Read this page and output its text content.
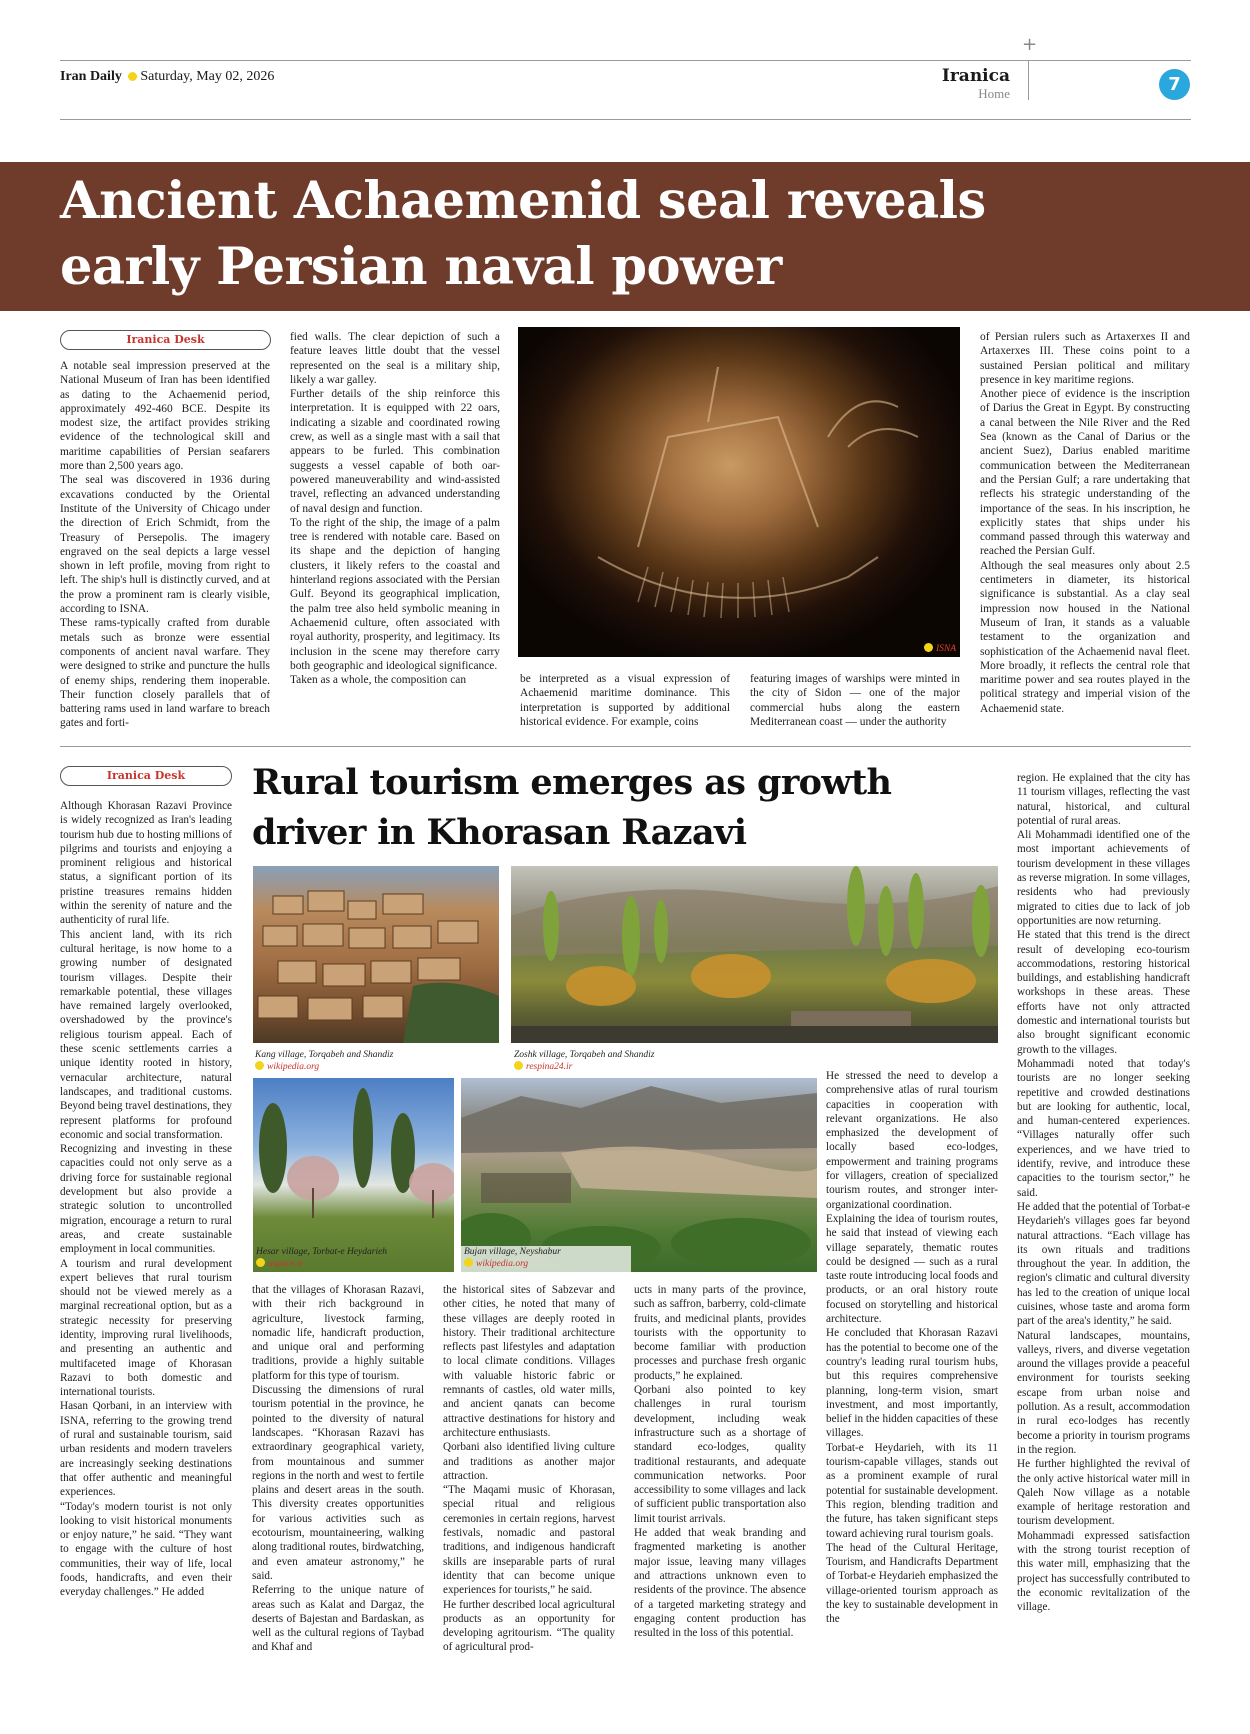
+
Iran Daily Saturday, May 02, 2026	Iranica
Home	7
Ancient Achaemenid seal reveals early Persian naval power
Iranica Desk

A notable seal impression preserved at the National Museum of Iran has been identified as dating to the Achaemenid period, approximately 492-460 BCE. Despite its modest size, the artifact provides striking evidence of the technological skill and maritime capabilities of Persian seafarers more than 2,500 years ago.

The seal was discovered in 1936 during excavations conducted by the Oriental Institute of the University of Chicago under the direction of Erich Schmidt, from the Treasury of Persepolis. The imagery engraved on the seal depicts a large vessel shown in left profile, moving from right to left. The ship's hull is distinctly curved, and at the prow a prominent ram is clearly visible, according to ISNA.

These rams-typically crafted from durable metals such as bronze were essential components of ancient naval warfare. They were designed to strike and puncture the hulls of enemy ships, rendering them inoperable. Their function closely parallels that of battering rams used in land warfare to breach gates and forti-

fied walls. The clear depiction of such a feature leaves little doubt that the vessel represented on the seal is a military ship, likely a war galley.

Further details of the ship reinforce this interpretation. It is equipped with 22 oars, indicating a sizable and coordinated rowing crew, as well as a single mast with a sail that appears to be furled. This combination suggests a vessel capable of both oar-powered maneuverability and wind-assisted travel, reflecting an advanced understanding of naval design and function.

To the right of the ship, the image of a palm tree is rendered with notable care. Based on its shape and the depiction of hanging clusters, it likely refers to the coastal and hinterland regions associated with the Persian Gulf. Beyond its geographical implication, the palm tree also held symbolic meaning in Achaemenid culture, often associated with royal authority, prosperity, and legitimacy. Its inclusion in the scene may therefore carry both geographic and ideological significance.

Taken as a whole, the composition can

ISNA

be interpreted as a visual expression of Achaemenid maritime dominance. This interpretation is supported by additional historical evidence. For example, coins

featuring images of warships were minted in the city of Sidon — one of the major commercial hubs along the eastern Mediterranean coast — under the authority

of Persian rulers such as Artaxerxes II and Artaxerxes III. These coins point to a sustained Persian political and military presence in key maritime regions.

Another piece of evidence is the inscription of Darius the Great in Egypt. By constructing a canal between the Nile River and the Red Sea (known as the Canal of Darius or the ancient Suez), Darius enabled maritime communication between the Mediterranean and the Persian Gulf; a rare undertaking that reflects his strategic understanding of the importance of the seas. In his inscription, he explicitly states that ships under his command passed through this waterway and reached the Persian Gulf.

Although the seal measures only about 2.5 centimeters in diameter, its historical significance is substantial. As a clay seal impression now housed in the National Museum of Iran, it stands as a valuable testament to the organization and sophistication of the Achaemenid naval fleet. More broadly, it reflects the central role that maritime power and sea routes played in the political strategy and imperial vision of the Achaemenid state.

Iranica Desk

Although Khorasan Razavi Province is widely recognized as Iran's leading tourism hub due to hosting millions of pilgrims and tourists and enjoying a prominent religious and historical status, a significant portion of its pristine treasures remains hidden within the serenity of nature and the authenticity of rural life.

This ancient land, with its rich cultural heritage, is now home to a growing number of designated tourism villages. Despite their remarkable potential, these villages have remained largely overlooked, overshadowed by the province's religious tourism appeal. Each of these scenic settlements carries a unique identity rooted in history, vernacular architecture, natural landscapes, and traditional customs. Beyond being travel destinations, they represent platforms for profound economic and social transformation.

Recognizing and investing in these capacities could not only serve as a driving force for sustainable regional development but also provide a strategic solution to uncontrolled migration, encourage a return to rural areas, and create sustainable employment in local communities.

A tourism and rural development expert believes that rural tourism should not be viewed merely as a marginal recreational option, but as a strategic necessity for preserving identity, improving rural livelihoods, and presenting an authentic and multifaceted image of Khorasan Razavi to both domestic and international tourists.

Hasan Qorbani, in an interview with ISNA, referring to the growing trend of rural and sustainable tourism, said urban residents and modern travelers are increasingly seeking destinations that offer authentic and meaningful experiences.

“Today's modern tourist is not only looking to visit historical monuments or enjoy nature,” he said. “They want to engage with the culture of host communities, their way of life, local foods, handicrafts, and even their everyday challenges.” He added

Rural tourism emerges as growth driver in Khorasan Razavi
Kang village, Torqabeh and Shandiz
wikipedia.org
Zoshk village, Torqabeh and Shandiz
respina24.ir
Hesar village, Torbat-e Heydarieh
uspace.ir
Bujan village, Neyshabur
wikipedia.org

that the villages of Khorasan Razavi, with their rich background in agriculture, livestock farming, nomadic life, handicraft production, and unique oral and performing traditions, provide a highly suitable platform for this type of tourism.

Discussing the dimensions of rural tourism potential in the province, he pointed to the diversity of natural landscapes. “Khorasan Razavi has extraordinary geographical variety, from mountainous and summer regions in the north and west to fertile plains and desert areas in the south. This diversity creates opportunities for various activities such as ecotourism, mountaineering, walking along traditional routes, birdwatching, and even amateur astronomy,” he said.

Referring to the unique nature of areas such as Kalat and Dargaz, the deserts of Bajestan and Bardaskan, as well as the cultural regions of Taybad and Khaf and

the historical sites of Sabzevar and other cities, he noted that many of these villages are deeply rooted in history. Their traditional architecture reflects past lifestyles and adaptation to local climate conditions. Villages with valuable historic fabric or remnants of castles, old water mills, and ancient qanats can become attractive destinations for history and architecture enthusiasts.

Qorbani also identified living culture and traditions as another major attraction.

“The Maqami music of Khorasan, special ritual and religious ceremonies in certain regions, harvest festivals, nomadic and pastoral traditions, and indigenous handicraft skills are inseparable parts of rural identity that can become unique experiences for tourists,” he said.

He further described local agricultural products as an opportunity for developing agritourism. “The quality of agricultural prod-

ucts in many parts of the province, such as saffron, barberry, cold-climate fruits, and medicinal plants, provides tourists with the opportunity to become familiar with production processes and purchase fresh organic products,” he explained.

Qorbani also pointed to key challenges in rural tourism development, including weak infrastructure such as a shortage of standard eco-lodges, quality traditional restaurants, and adequate communication networks. Poor accessibility to some villages and lack of sufficient public transportation also limit tourist arrivals.

He added that weak branding and fragmented marketing is another major issue, leaving many villages and attractions unknown even to residents of the province. The absence of a targeted marketing strategy and engaging content production has resulted in the loss of this potential.

He stressed the need to develop a comprehensive atlas of rural tourism capacities in cooperation with relevant organizations. He also emphasized the development of locally based eco-lodges, empowerment and training programs for villagers, creation of specialized tourism routes, and stronger inter-organizational coordination.

Explaining the idea of tourism routes, he said that instead of viewing each village separately, thematic routes could be designed — such as a rural taste route introducing local foods and products, or an oral history route focused on storytelling and historical architecture.

He concluded that Khorasan Razavi has the potential to become one of the country's leading rural tourism hubs, but this requires comprehensive planning, long-term vision, smart investment, and most importantly, belief in the hidden capacities of these villages.

Torbat-e Heydarieh, with its 11 tourism-capable villages, stands out as a prominent example of rural potential for sustainable development. This region, blending tradition and the future, has taken significant steps toward achieving rural tourism goals.

The head of the Cultural Heritage, Tourism, and Handicrafts Department of Torbat-e Heydarieh emphasized the village-oriented tourism approach as the key to sustainable development in the

region. He explained that the city has 11 tourism villages, reflecting the vast natural, historical, and cultural potential of rural areas.

Ali Mohammadi identified one of the most important achievements of tourism development in these villages as reverse migration. In some villages, residents who had previously migrated to cities due to lack of job opportunities are now returning.

He stated that this trend is the direct result of developing eco-tourism accommodations, restoring historical buildings, and establishing handicraft workshops in these areas. These efforts have not only attracted domestic and international tourists but also brought significant economic growth to the villages.

Mohammadi noted that today's tourists are no longer seeking repetitive and crowded destinations but are looking for authentic, local, and human-centered experiences. “Villages naturally offer such experiences, and we have tried to identify, revive, and introduce these capacities to the tourism sector,” he said.

He added that the potential of Torbat-e Heydarieh's villages goes far beyond natural attractions. “Each village has its own rituals and traditions throughout the year. In addition, the region's climatic and cultural diversity has led to the creation of unique local cuisines, whose taste and aroma form part of the area's identity,” he said.

Natural landscapes, mountains, valleys, rivers, and diverse vegetation around the villages provide a peaceful environment for tourists seeking escape from urban noise and pollution. As a result, accommodation in rural eco-lodges has recently become a priority in tourism programs in the region.

He further highlighted the revival of the only active historical water mill in Qaleh Now village as a notable example of heritage restoration and tourism development.

Mohammadi expressed satisfaction with the strong tourist reception of this water mill, emphasizing that the project has successfully contributed to the economic revitalization of the village.
